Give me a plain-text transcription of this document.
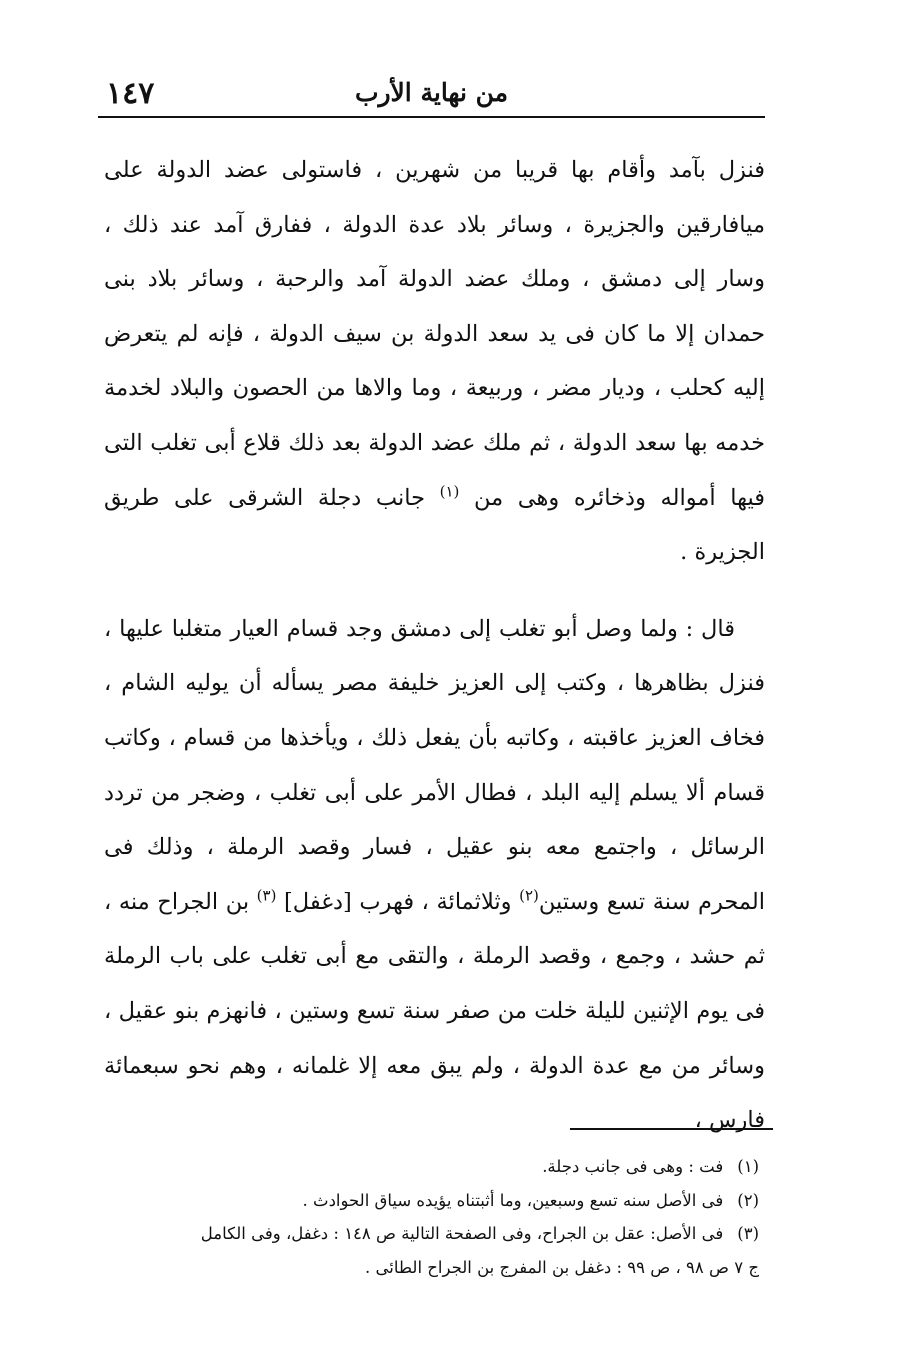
١٤٧	من نهاية الأرب

فنزل بآمد وأقام بها قريبا من شهرين ، فاستولى عضد الدولة على ميافارقين والجزيرة ، وسائر بلاد عدة الدولة ، ففارق آمد عند ذلك ، وسار إلى دمشق ، وملك عضد الدولة آمد والرحبة ، وسائر بلاد بنى حمدان إلا ما كان فى يد سعد الدولة بن سيف الدولة ، فإنه لم يتعرض إليه كحلب ، وديار مضر ، وربيعة ، وما والاها من الحصون والبلاد لخدمة خدمه بها سعد الدولة ، ثم ملك عضد الدولة بعد ذلك قلاع أبى تغلب التى فيها أمواله وذخائره وهى من $^{(١)}$ جانب دجلة الشرقى على طريق الجزيرة .

قال : ولما وصل أبو تغلب إلى دمشق وجد قسام العيار متغلبا عليها ، فنزل بظاهرها ، وكتب إلى العزيز خليفة مصر يسأله أن يوليه الشام ، فخاف العزيز عاقبته ، وكاتبه بأن يفعل ذلك ، ويأخذها من قسام ، وكاتب قسام ألا يسلم إليه البلد ، فطال الأمر على أبى تغلب ، وضجر من تردد الرسائل ، واجتمع معه بنو عقيل ، فسار وقصد الرملة ، وذلك فى المحرم سنة تسع وستين$^{(٢)}$ وثلاثمائة ، فهرب [دغفل] $^{(٣)}$ بن الجراح منه ، ثم حشد ، وجمع ، وقصد الرملة ، والتقى مع أبى تغلب على باب الرملة فى يوم الإثنين لليلة خلت من صفر سنة تسع وستين ، فانهزم بنو عقيل ، وسائر من مع عدة الدولة ، ولم يبق معه إلا غلمانه ، وهم نحو سبعمائة فارس ،

(١)فت : وهى فى جانب دجلة.

(٢)فى الأصل سنه تسع وسبعين، وما أثبتناه يؤيده سياق الحوادث .

(٣)فى الأصل: عقل بن الجراح، وفى الصفحة التالية ص ١٤٨ : دغفل، وفى الكامل

ج ٧ ص ٩٨ ، ص ٩٩ : دغفل بن المفرج بن الجراح الطائى .
